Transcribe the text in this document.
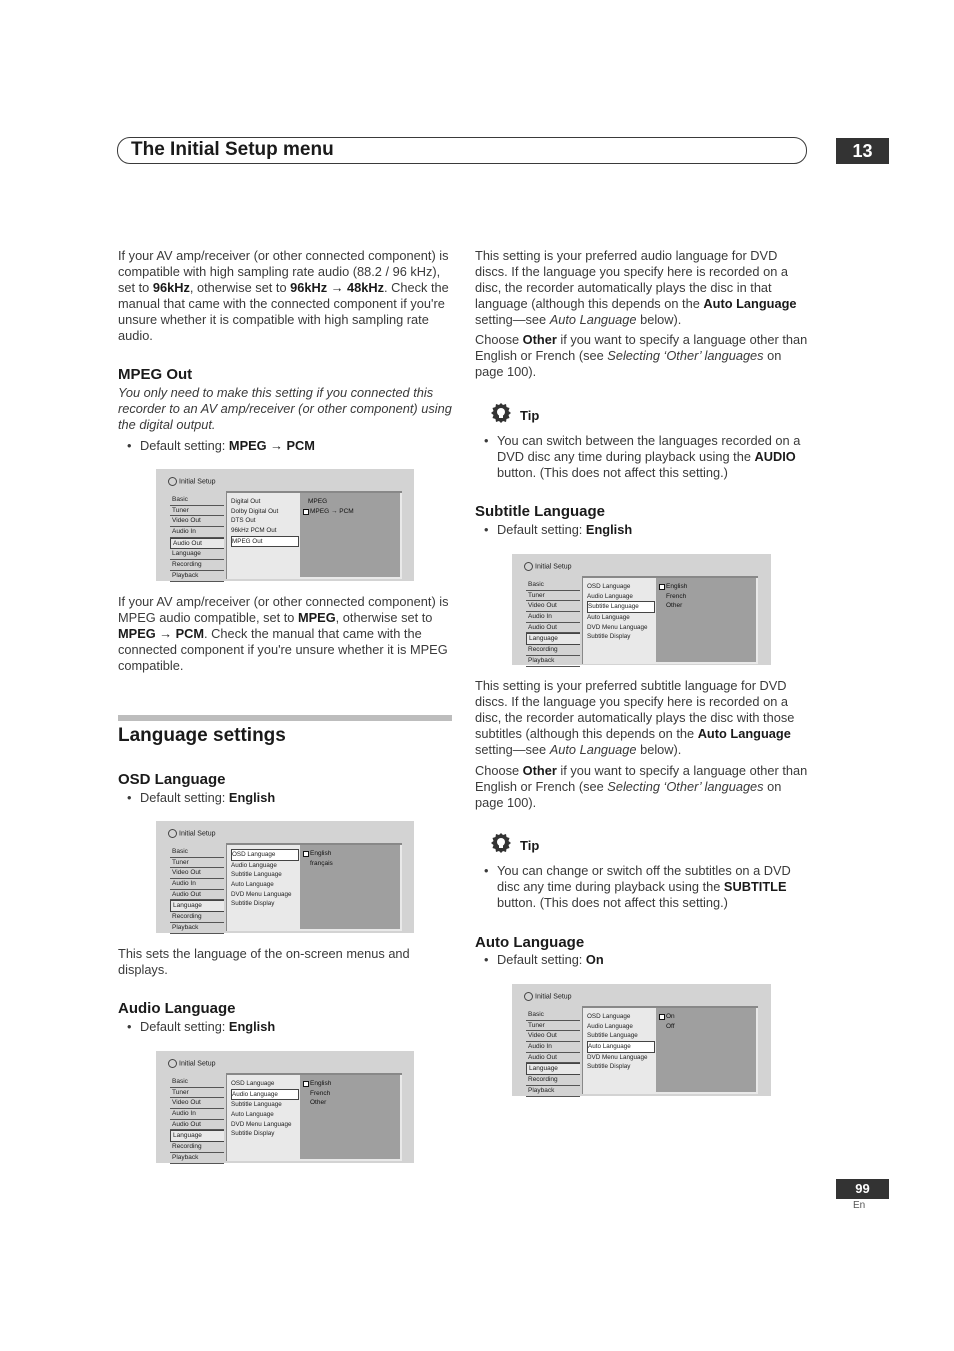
The Initial Setup menu	13
If your AV amp/receiver (or other connected component) is compatible with high sampling rate audio (88.2 / 96 kHz), set to 96kHz, otherwise set to 96kHz → 48kHz. Check the manual that came with the connected component if you're unsure whether it is compatible with high sampling rate audio.
MPEG Out
You only need to make this setting if you connected this recorder to an AV amp/receiver (or other component) using the digital output.
• Default setting: MPEG → PCM
Initial Setup
Basic
Tuner
Video Out
Audio In
Audio Out
Language
Recording
Playback
Digital Out
Dolby Digital Out
DTS Out
96kHz PCM Out
MPEG Out
MPEG
MPEG → PCM
If your AV amp/receiver (or other connected component) is MPEG audio compatible, set to MPEG, otherwise set to MPEG → PCM. Check the manual that came with the connected component if you're unsure whether it is MPEG compatible.
Language settings
OSD Language
• Default setting: English
Initial Setup
Basic
Tuner
Video Out
Audio In
Audio Out
Language
Recording
Playback
OSD Language
Audio Language
Subtitle Language
Auto Language
DVD Menu Language
Subtitle Display
English
français
This sets the language of the on-screen menus and displays.
Audio Language
• Default setting: English
Initial Setup
Basic
Tuner
Video Out
Audio In
Audio Out
Language
Recording
Playback
OSD Language
Audio Language
Subtitle Language
Auto Language
DVD Menu Language
Subtitle Display
English
French
Other
This setting is your preferred audio language for DVD discs. If the language you specify here is recorded on a disc, the recorder automatically plays the disc in that language (although this depends on the Auto Language setting—see Auto Language below).
Choose Other if you want to specify a language other than English or French (see Selecting ‘Other’ languages on page 100).
Tip
• You can switch between the languages recorded on a DVD disc any time during playback using the AUDIO button. (This does not affect this setting.)
Subtitle Language
• Default setting: English
Initial Setup
Basic
Tuner
Video Out
Audio In
Audio Out
Language
Recording
Playback
OSD Language
Audio Language
Subtitle Language
Auto Language
DVD Menu Language
Subtitle Display
English
French
Other
This setting is your preferred subtitle language for DVD discs. If the language you specify here is recorded on a disc, the recorder automatically plays the disc with those subtitles (although this depends on the Auto Language setting—see Auto Language below).
Choose Other if you want to specify a language other than English or French (see Selecting ‘Other’ languages on page 100).
Tip
• You can change or switch off the subtitles on a DVD disc any time during playback using the SUBTITLE button. (This does not affect this setting.)
Auto Language
• Default setting: On
Initial Setup
Basic
Tuner
Video Out
Audio In
Audio Out
Language
Recording
Playback
OSD Language
Audio Language
Subtitle Language
Auto Language
DVD Menu Language
Subtitle Display
On
Off
99
En
